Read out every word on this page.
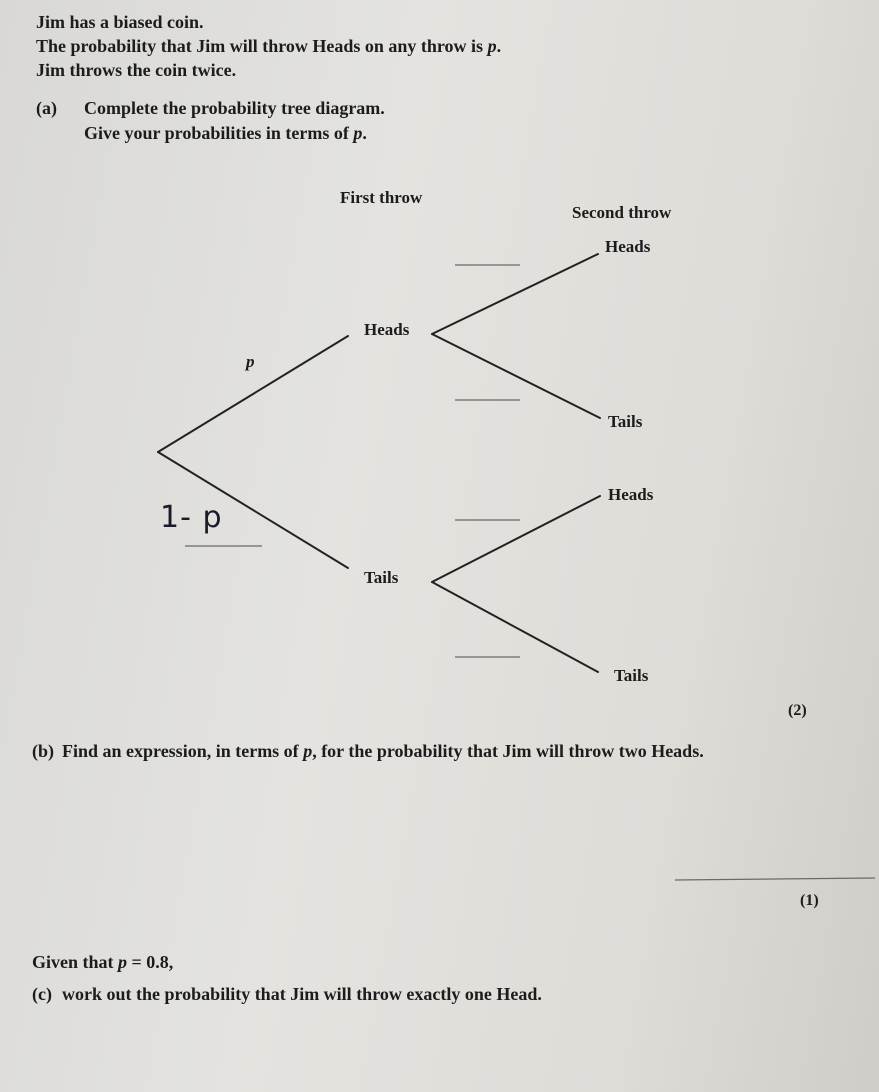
Jim has a biased coin.
The probability that Jim will throw Heads on any throw is p.
Jim throws the coin twice.
(a) Complete the probability tree diagram.
Give your probabilities in terms of p.
First throw
Second throw
Heads
Tails
Heads
Tails
Heads
Tails
p
1- p
(2)
(b) Find an expression, in terms of p, for the probability that Jim will throw two Heads.
(1)
Given that p = 0.8,
(c) work out the probability that Jim will throw exactly one Head.
